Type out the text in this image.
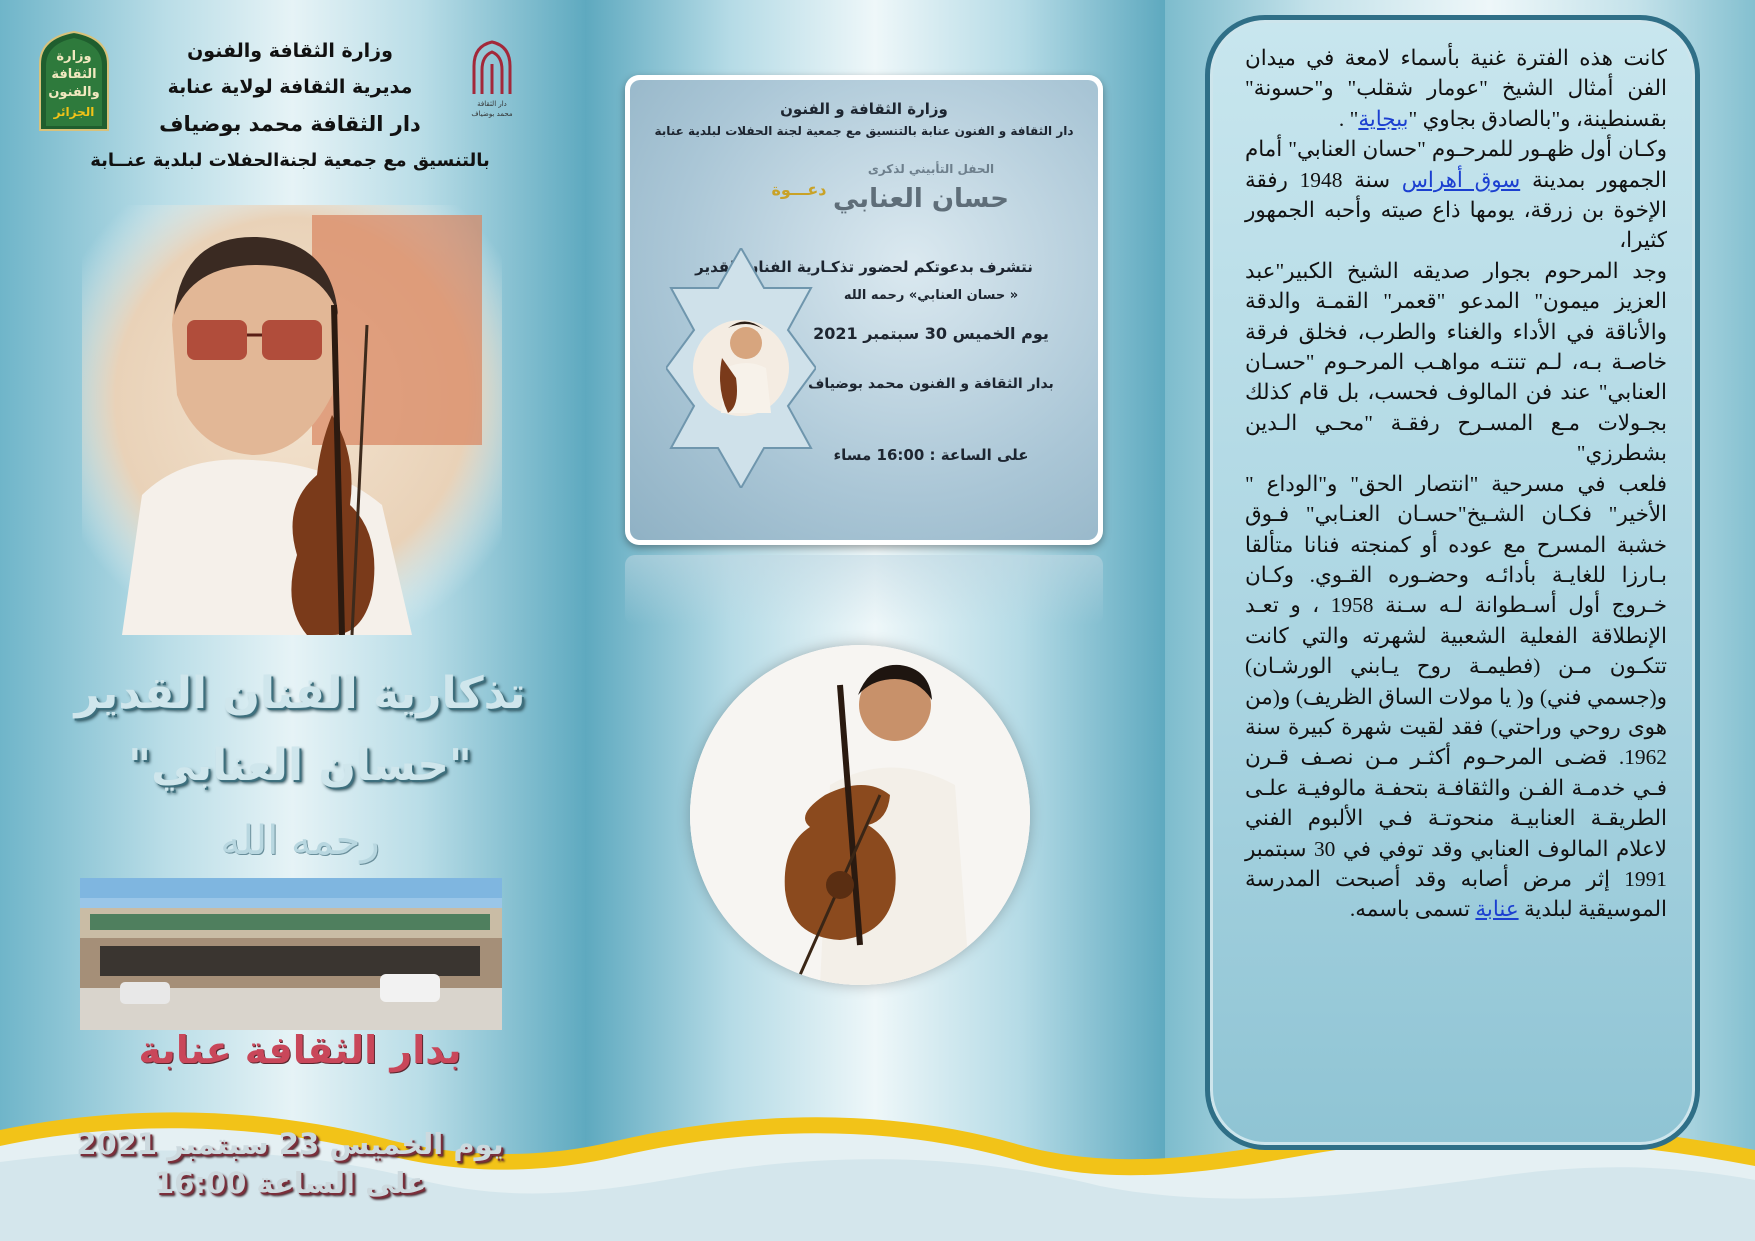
وزارة
الثقافة
والفنون
الجزائر
دار الثقافة
محمد بوضياف
وزارة الثقافة والفنون
مديرية الثقافة لولاية عنابة
دار الثقافة محمد بوضياف
بالتنسيق مع جمعية لجنةالحفلات لبلدية عنــابة
تذكارية الفنان القدير
"حسان العنابي"
رحمه الله
بدار الثقافة عنابة
يوم الخميس 23 سبتمبر 2021
على الساعة 16:00
وزارة الثقافة و الفنون
دار الثقافة و الفنون عنابة بالتنسيق مع جمعية لجنة الحفلات لبلدية عنابة
الحفل التأبيني لذكرى
دعـــوة حسان العنابي
نتشرف بدعوتكم لحضور تذكـارية الفنان القدير
« حسان العنابي» رحمه الله
يوم الخميس 30 سبتمبر 2021
بدار الثقافة و الفنون محمد بوضياف
على الساعة : 16:00 مساء

كانت هذه الفترة غنية بأسماء لامعة في ميدان الفن أمثال الشيخ "عومار شقلب" و"حسونة" بقسنطينة، و"بالصادق بجاوي "ببجاية" .

وكـان أول ظهـور للمرحـوم "حسان العنابي" أمام الجمهور بمدينة سوق أهراس سنة 1948 رفقة الإخوة بن زرقة، يومها ذاع صيته وأحبه الجمهور كثيرا،

وجد المرحوم بجوار صديقه الشيخ الكبير"عبد العزيز ميمون" المدعو "قعمر" القمـة والدقة والأناقة في الأداء والغناء والطرب، فخلق فرقة خاصـة بـه، لـم تنتـه مواهـب المرحـوم "حسـان العنابي" عند فن المالوف فحسب، بل قام كذلك بجـولات مـع المسـرح رفقـة "محـي الـدين بشطرزي"

فلعب في مسرحية "انتصار الحق" و"الوداع " الأخير" فكـان الشـيخ"حسـان العنـابي" فـوق خشبة المسرح مع عوده أو كمنجته فنانا متألقا بـارزا للغايـة بأدائـه وحضـوره القـوي. وكـان خـروج أول أسـطوانة لـه سـنة 1958 ، و تعـد الإنطلاقة الفعلية الشعبية لشهرته والتي كانت تتكـون مـن (فطيمـة روح يـابني الورشـان) و(جسمي فني) و( يا مولات الساق الظريف) و(من هوى روحي وراحتي) فقد لقيت شهرة كبيرة سنة 1962. قضـى المرحـوم أكثـر مـن نصـف قـرن فـي خدمـة الفـن والثقافـة بتحفـة مالوفيـة علـى الطريقـة العنابيـة منحوتـة فـي الألبوم الفني لاعلام المالوف العنابي وقد توفي في 30 سبتمبر 1991 إثر مرض أصابه وقد أصبحت المدرسة الموسيقية لبلدية عنابة تسمى باسمه.
